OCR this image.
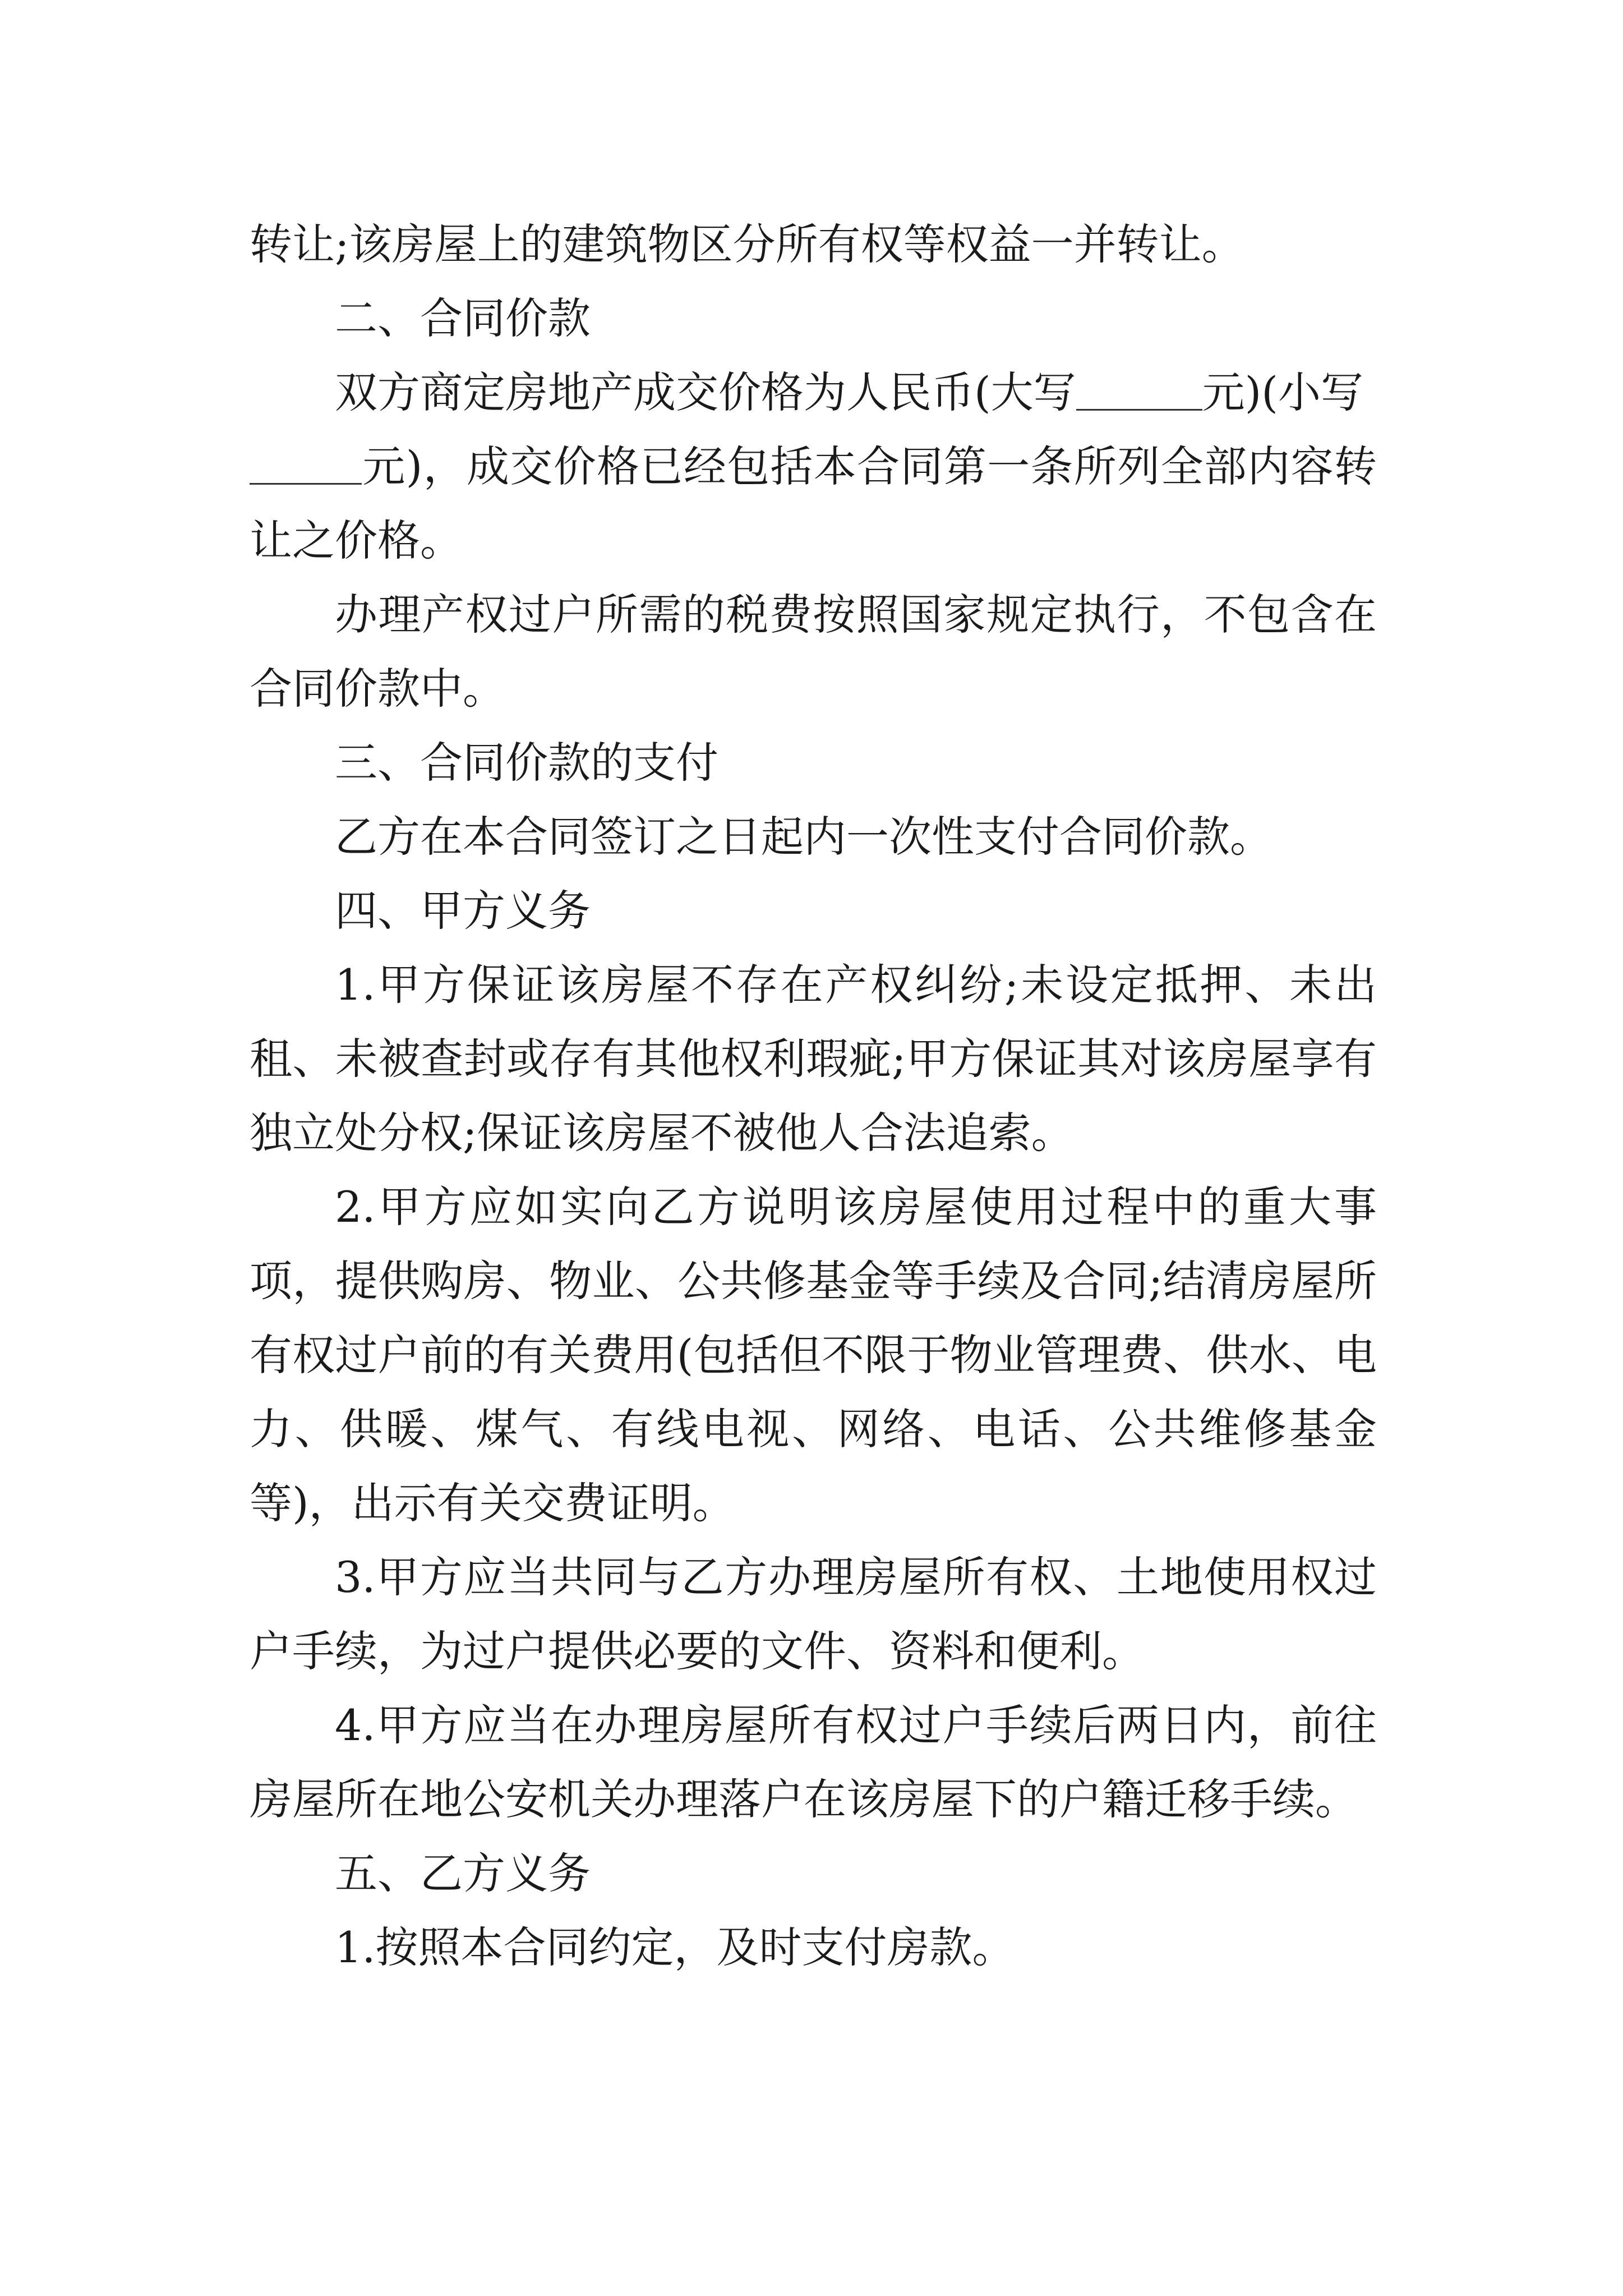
转让;该房屋上的建筑物区分所有权等权益一并转让。

二、合同价款

双方商定房地产成交价格为人民币(大写	元)(小写
元)，成交价格已经包括本合同第一条所列全部内容转让之价格。

办理产权过户所需的税费按照国家规定执行，不包含在合同价款中。

三、合同价款的支付

乙方在本合同签订之日起内一次性支付合同价款。

四、甲方义务

1.甲方保证该房屋不存在产权纠纷;未设定抵押、未出租、未被查封或存有其他权利瑕疵;甲方保证其对该房屋享有独立处分权;保证该房屋不被他人合法追索。

2.甲方应如实向乙方说明该房屋使用过程中的重大事项，提供购房、物业、公共修基金等手续及合同;结清房屋所有权过户前的有关费用(包括但不限于物业管理费、供水、电力、供暖、煤气、有线电视、网络、电话、公共维修基金等)，出示有关交费证明。

3.甲方应当共同与乙方办理房屋所有权、土地使用权过户手续，为过户提供必要的文件、资料和便利。

4.甲方应当在办理房屋所有权过户手续后两日内，前往房屋所在地公安机关办理落户在该房屋下的户籍迁移手续。

五、乙方义务

1.按照本合同约定，及时支付房款。
